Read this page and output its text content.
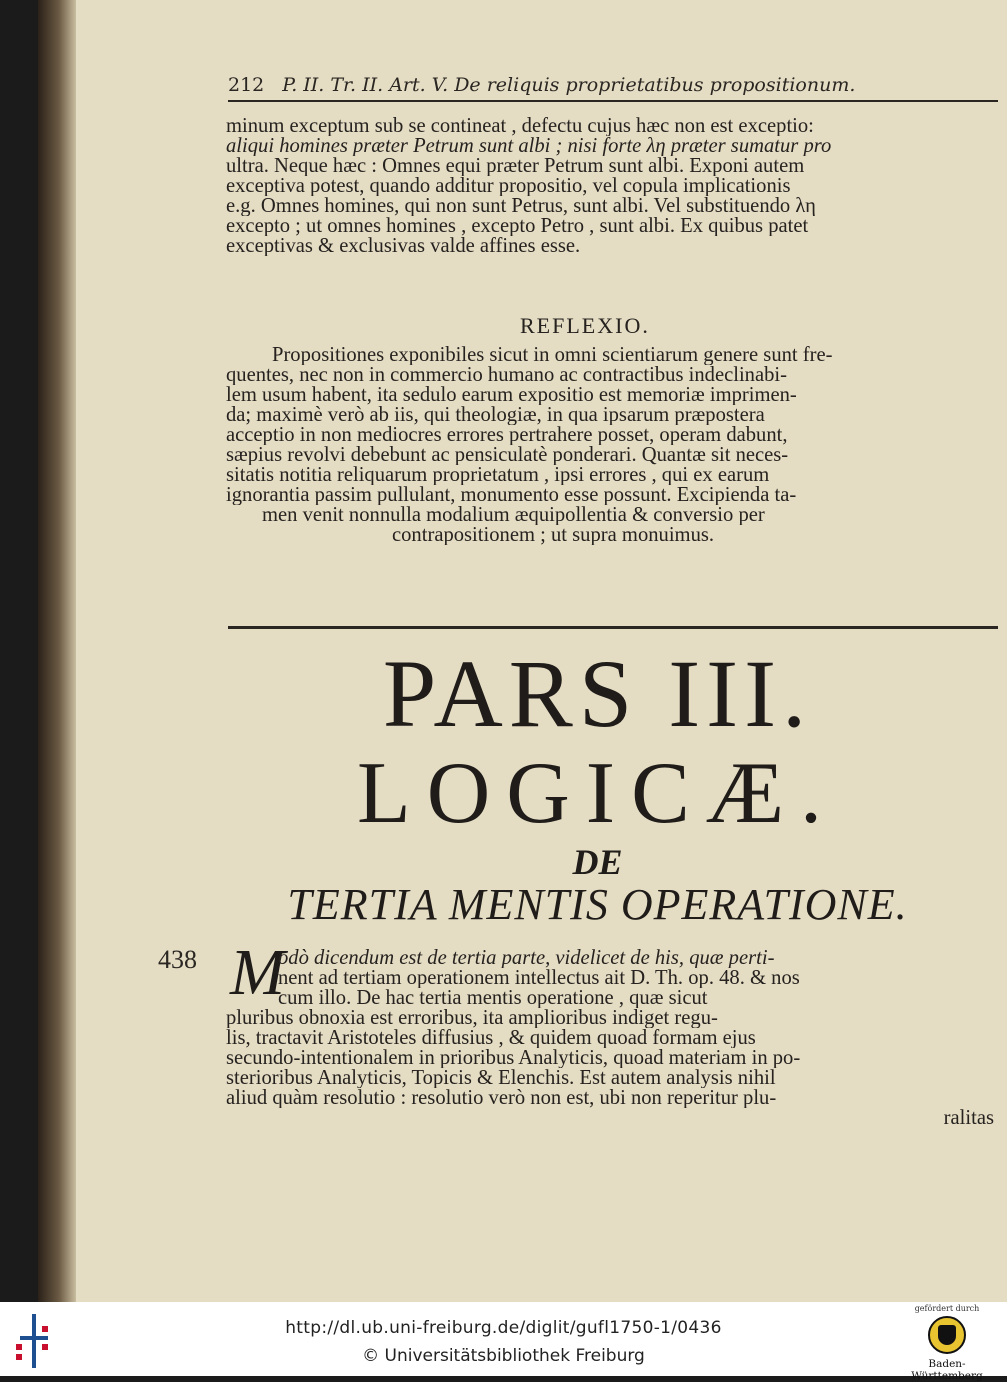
212 P. II. Tr. II. Art. V. De reliquis proprietatibus propositionum.
minum exceptum sub se contineat , defectu cujus hæc non est exceptio:
aliqui homines præter Petrum sunt albi ; nisi forte λη præter sumatur pro
ultra. Neque hæc : Omnes equi præter Petrum sunt albi. Exponi autem
exceptiva potest, quando additur propositio, vel copula implicationis
e.g. Omnes homines, qui non sunt Petrus, sunt albi. Vel substituendo λη
excepto ; ut omnes homines , excepto Petro , sunt albi. Ex quibus patet
exceptivas & exclusivas valde affines esse.
REFLEXIO.
Propositiones exponibiles sicut in omni scientiarum genere sunt fre-
quentes, nec non in commercio humano ac contractibus indeclinabi-
lem usum habent, ita sedulo earum expositio est memoriæ imprimen-
da; maximè verò ab iis, qui theologiæ, in qua ipsarum præpostera
acceptio in non mediocres errores pertrahere posset, operam dabunt,
sæpius revolvi debebunt ac pensiculatè ponderari. Quantæ sit neces-
sitatis notitia reliquarum proprietatum , ipsi errores , qui ex earum
ignorantia passim pullulant, monumento esse possunt. Excipienda ta-
men venit nonnulla modalium æquipollentia & conversio per
contrapositionem ; ut supra monuimus.
PARS III.
LOGICÆ.
DE
TERTIA MENTIS OPERATIONE.
438 M
odò dicendum est de tertia parte, videlicet de his, quæ perti-
nent ad tertiam operationem intellectus ait D. Th. op. 48. & nos
cum illo. De hac tertia mentis operatione , quæ sicut
pluribus obnoxia est erroribus, ita amplioribus indiget regu-
lis, tractavit Aristoteles diffusius , & quidem quoad formam ejus
secundo-intentionalem in prioribus Analyticis, quoad materiam in po-
sterioribus Analyticis, Topicis & Elenchis. Est autem analysis nihil
aliud quàm resolutio : resolutio verò non est, ubi non reperitur plu-
ralitas
http://dl.ub.uni-freiburg.de/diglit/gufl1750-1/0436
© Universitätsbibliothek Freiburg
gefördert durch
Baden-Württemberg
